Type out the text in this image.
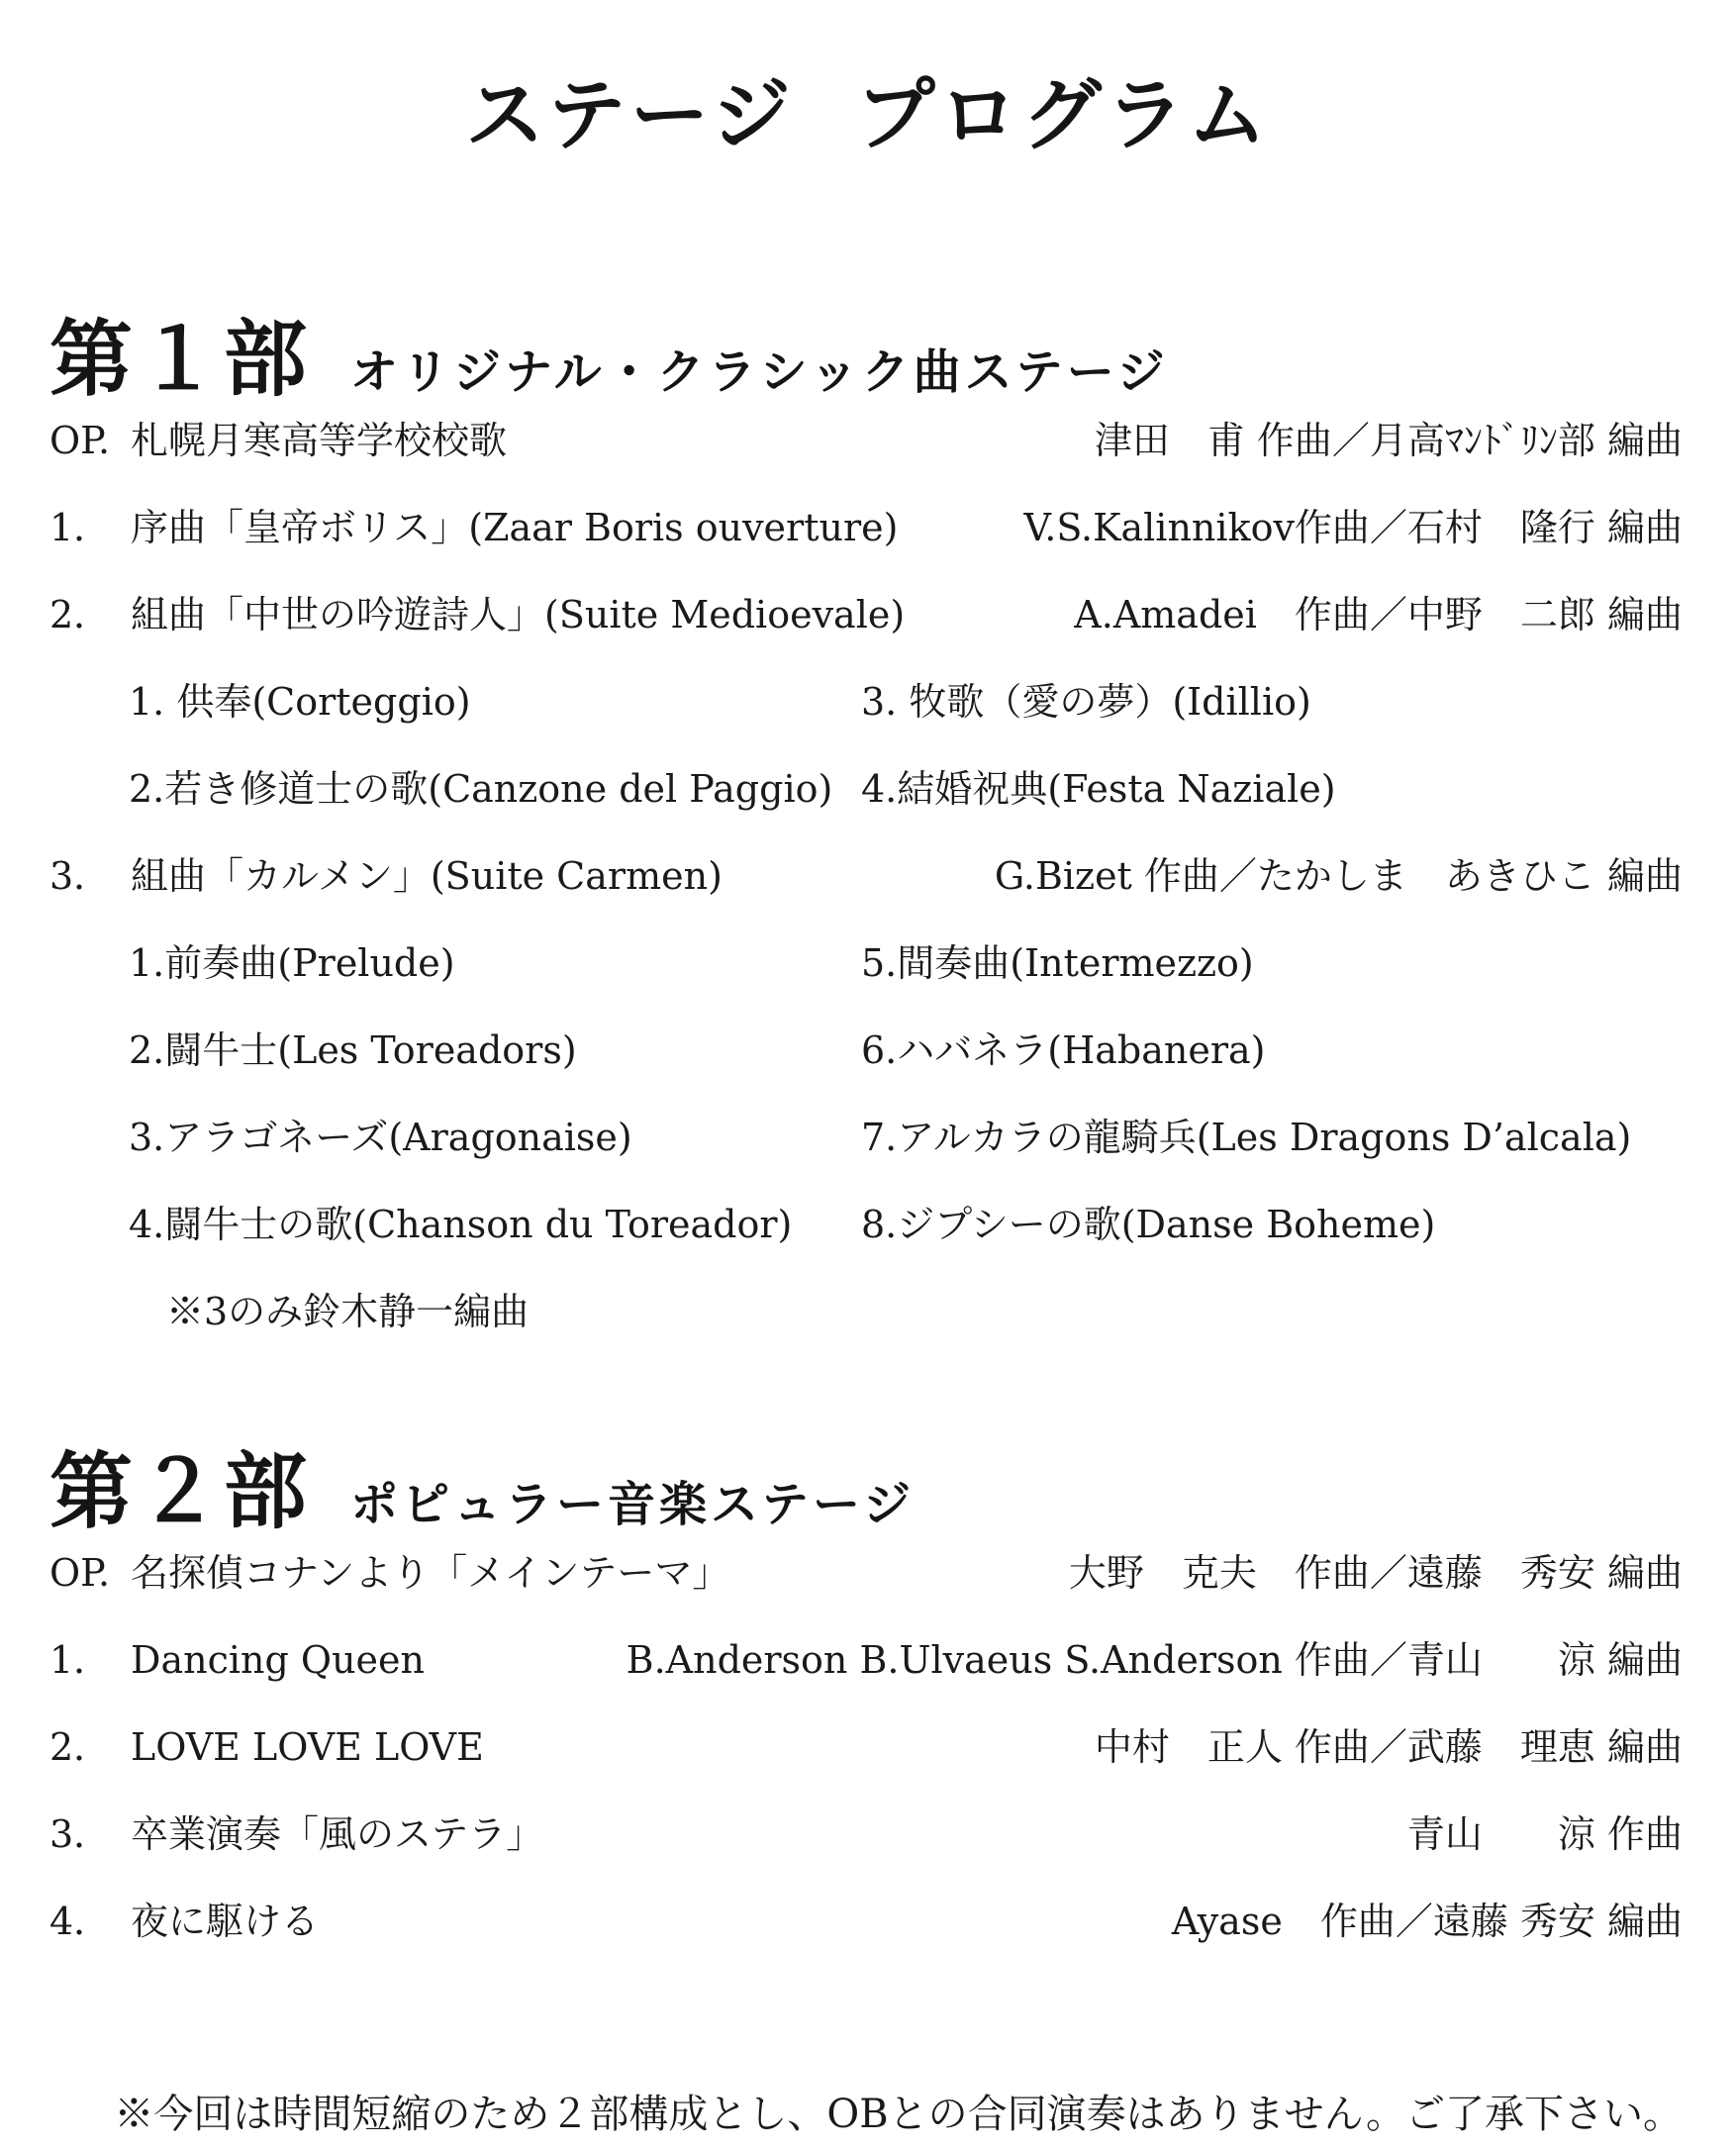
ステージ プログラム
第１部 オリジナル・クラシック曲ステージ
OP. 札幌月寒高等学校校歌	津田　甫 作曲／月高ﾏﾝﾄﾞﾘﾝ部 編曲
1． 序曲「皇帝ボリス」(Zaar Boris ouverture)	V.S.Kalinnikov作曲／石村　隆行 編曲
2． 組曲「中世の吟遊詩人」(Suite Medioevale)	A.Amadei　作曲／中野　二郎 編曲
1. 供奉(Corteggio)	3. 牧歌（愛の夢）(Idillio)
2.若き修道士の歌(Canzone del Paggio) 4.結婚祝典(Festa Naziale)
3． 組曲「カルメン」(Suite Carmen)	G.Bizet 作曲／たかしま　あきひこ 編曲
1.前奏曲(Prelude)	5.間奏曲(Intermezzo)
2.闘牛士(Les Toreadors)	6.ハバネラ(Habanera)
3.アラゴネーズ(Aragonaise)	7.アルカラの龍騎兵(Les Dragons D’alcala)
4.闘牛士の歌(Chanson du Toreador) 8.ジプシーの歌(Danse Boheme)
※3のみ鈴木静一編曲
第２部 ポピュラー音楽ステージ
OP. 名探偵コナンより「メインテーマ」	大野　克夫　作曲／遠藤　秀安 編曲
1． Dancing Queen	B.Anderson B.Ulvaeus S.Anderson 作曲／青山　　涼 編曲
2． LOVE LOVE LOVE	中村　正人 作曲／武藤　理恵 編曲
3． 卒業演奏「風のステラ」	青山　　涼 作曲
4． 夜に駆ける	Ayase　作曲／遠藤 秀安 編曲
※今回は時間短縮のため２部構成とし、OBとの合同演奏はありません。ご了承下さい。
